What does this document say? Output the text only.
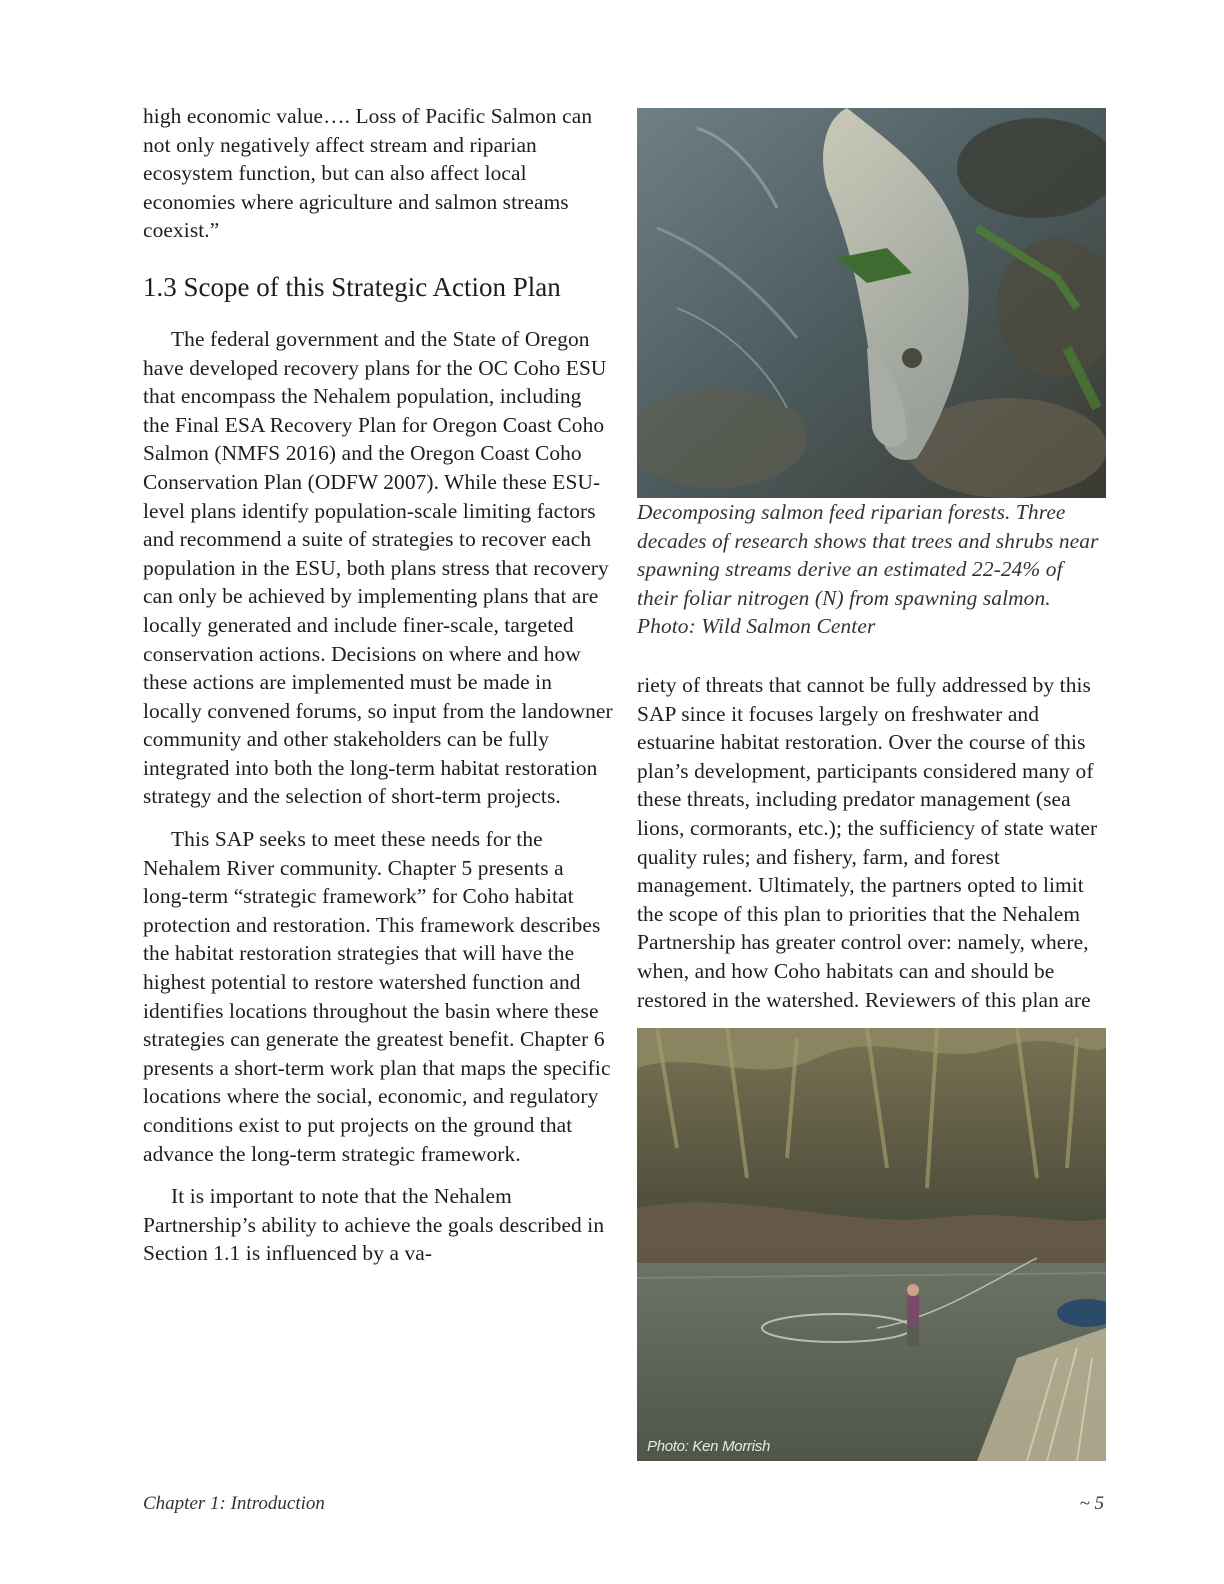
high economic value…. Loss of Pacific Salmon can not only negatively affect stream and riparian ecosystem function, but can also affect local economies where agriculture and salmon streams coexist.”

1.3 Scope of this Strategic Action Plan

The federal government and the State of Oregon have developed recovery plans for the OC Coho ESU that encompass the Nehalem population, including the Final ESA Recovery Plan for Oregon Coast Coho Salmon (NMFS 2016) and the Oregon Coast Coho Conservation Plan (ODFW 2007). While these ESU-level plans identify population-scale limiting factors and recommend a suite of strategies to recover each population in the ESU, both plans stress that recovery can only be achieved by implementing plans that are locally generated and include finer-scale, targeted conservation actions. Decisions on where and how these actions are implemented must be made in locally convened forums, so input from the landowner community and other stakeholders can be fully integrated into both the long-term habitat restoration strategy and the selection of short-term projects.

This SAP seeks to meet these needs for the Nehalem River community. Chapter 5 presents a long-term “strategic framework” for Coho habitat protection and restoration. This framework describes the habitat restoration strategies that will have the highest potential to restore watershed function and identifies locations throughout the basin where these strategies can generate the greatest benefit. Chapter 6 presents a short-term work plan that maps the specific locations where the social, economic, and regulatory conditions exist to put projects on the ground that advance the long-term strategic framework.

It is important to note that the Nehalem Partnership’s ability to achieve the goals described in Section 1.1 is influenced by a va-

Decomposing salmon feed riparian forests. Three decades of research shows that trees and shrubs near spawning streams derive an estimated 22-24% of their foliar nitrogen (N) from spawning salmon. Photo: Wild Salmon Center

riety of threats that cannot be fully addressed by this SAP since it focuses largely on freshwater and estuarine habitat restoration. Over the course of this plan’s development, participants considered many of these threats, including predator management (sea lions, cormorants, etc.); the sufficiency of state water quality rules; and fishery, farm, and forest management. Ultimately, the partners opted to limit the scope of this plan to priorities that the Nehalem Partnership has greater control over: namely, where, when, and how Coho habitats can and should be restored in the watershed. Reviewers of this plan are

Photo: Ken Morrish
Chapter 1: Introduction	~ 5
